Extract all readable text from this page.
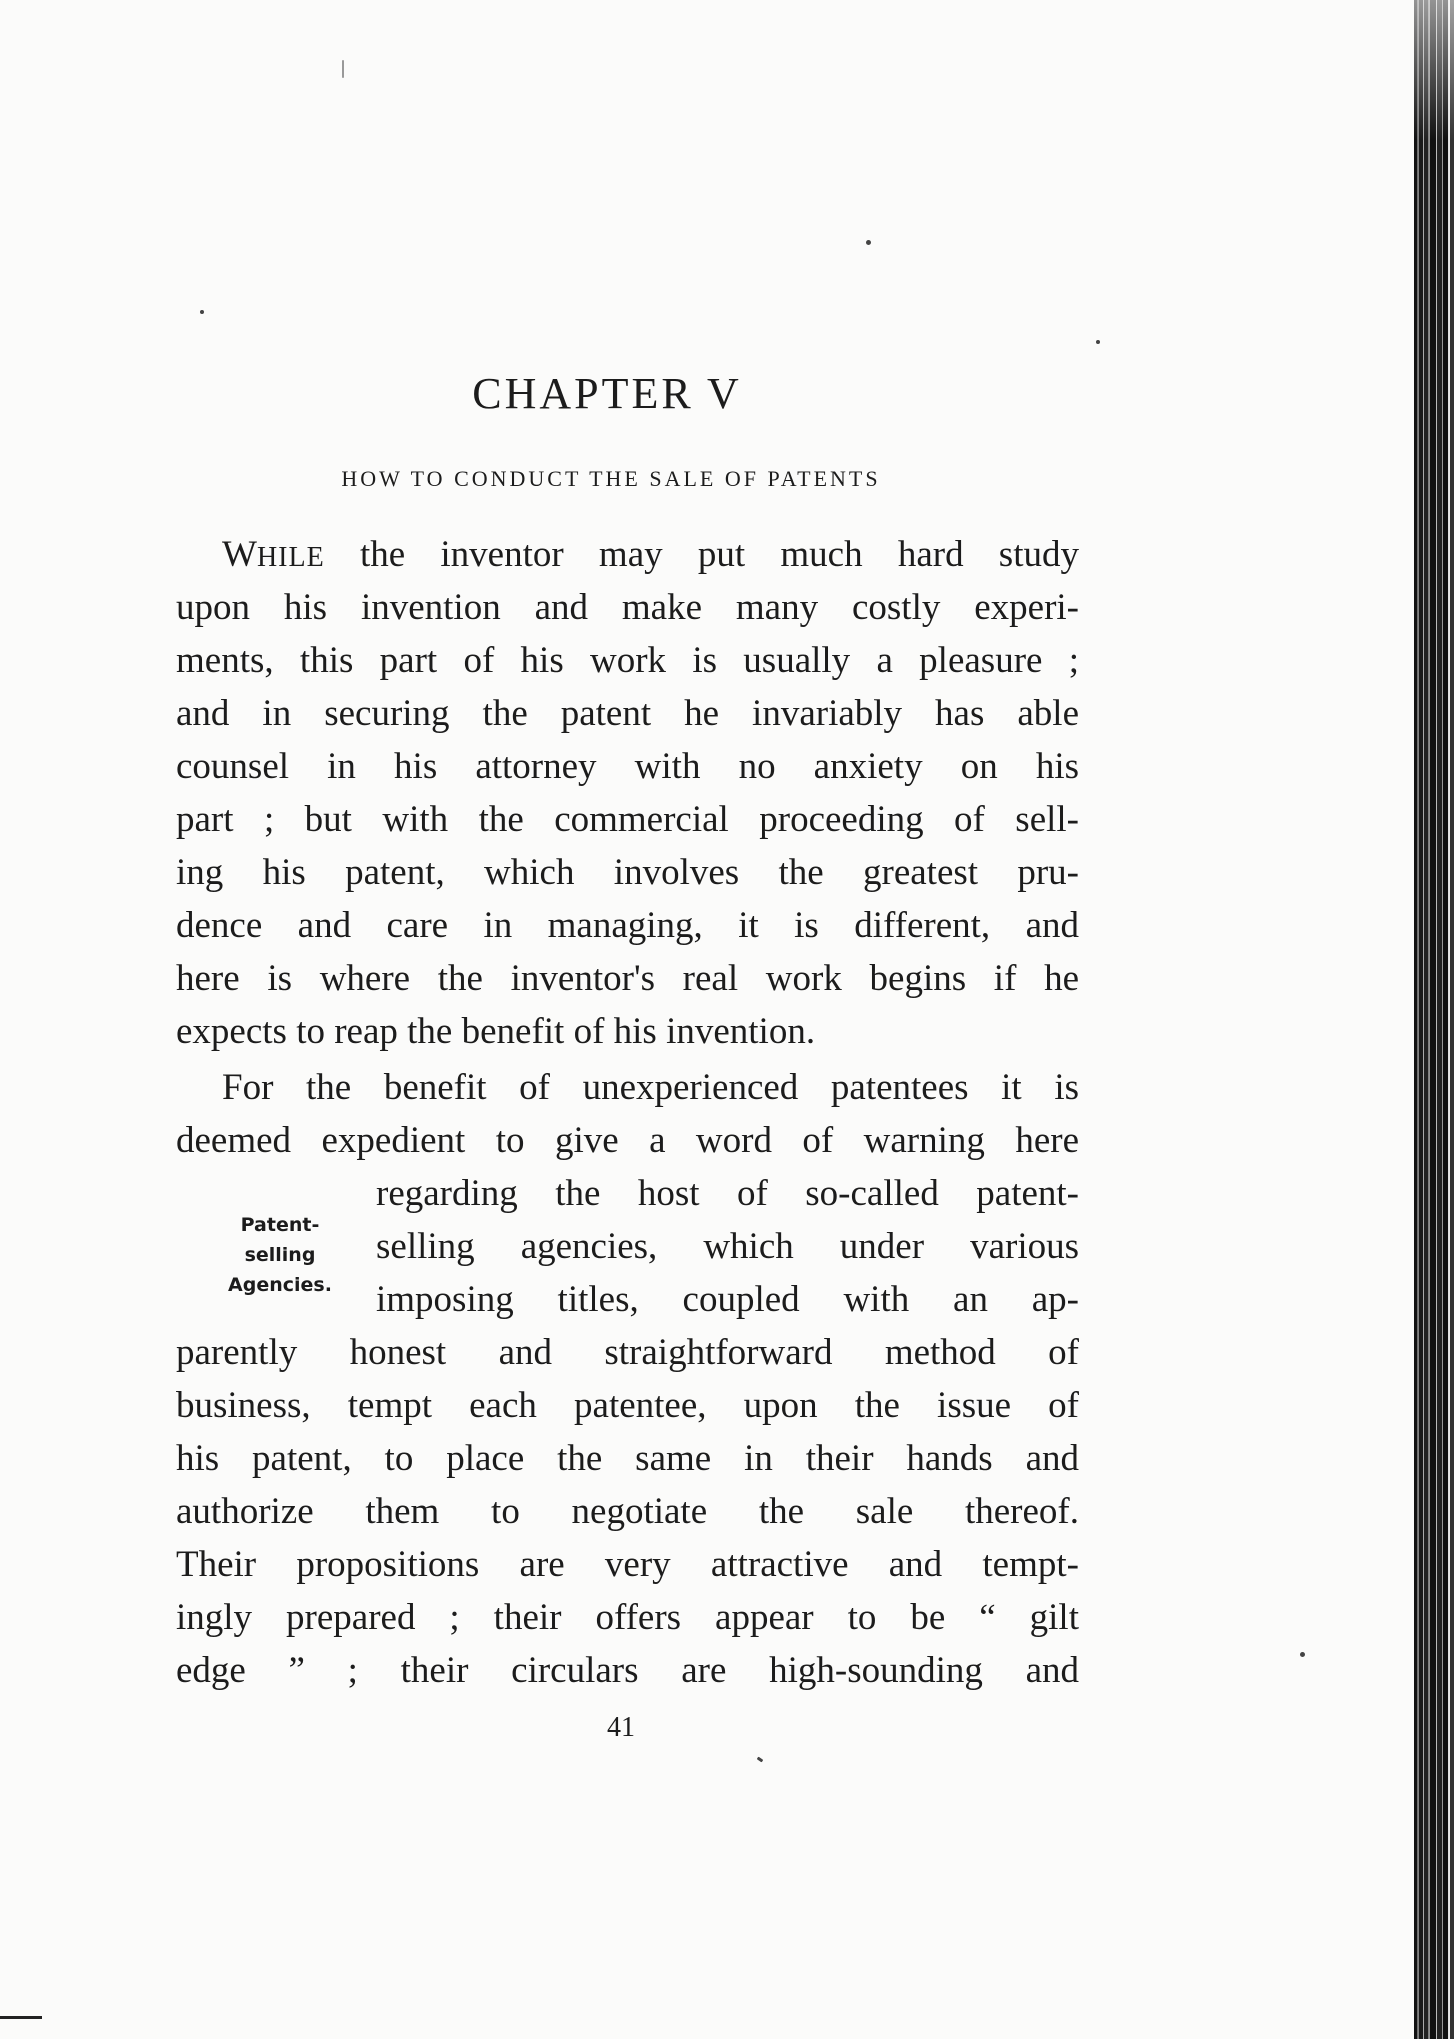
CHAPTER V
HOW TO CONDUCT THE SALE OF PATENTS
WHILE the inventor may put much hard study
upon his invention and make many costly experi-
ments, this part of his work is usually a pleasure ;
and in securing the patent he invariably has able
counsel in his attorney with no anxiety on his
part ; but with the commercial proceeding of sell-
ing his patent, which involves the greatest pru-
dence and care in managing, it is different, and
here is where the inventor's real work begins if he
expects to reap the benefit of his invention.
For the benefit of unexperienced patentees it is
deemed expedient to give a word of warning here
regarding the host of so-called patent-
selling agencies, which under various
imposing titles, coupled with an ap-
parently honest and straightforward method of
business, tempt each patentee, upon the issue of
his patent, to place the same in their hands and
authorize them to negotiate the sale thereof.
Their propositions are very attractive and tempt-
ingly prepared ; their offers appear to be “ gilt
edge ” ; their circulars are high-sounding and
Patent-
selling
Agencies.
41
